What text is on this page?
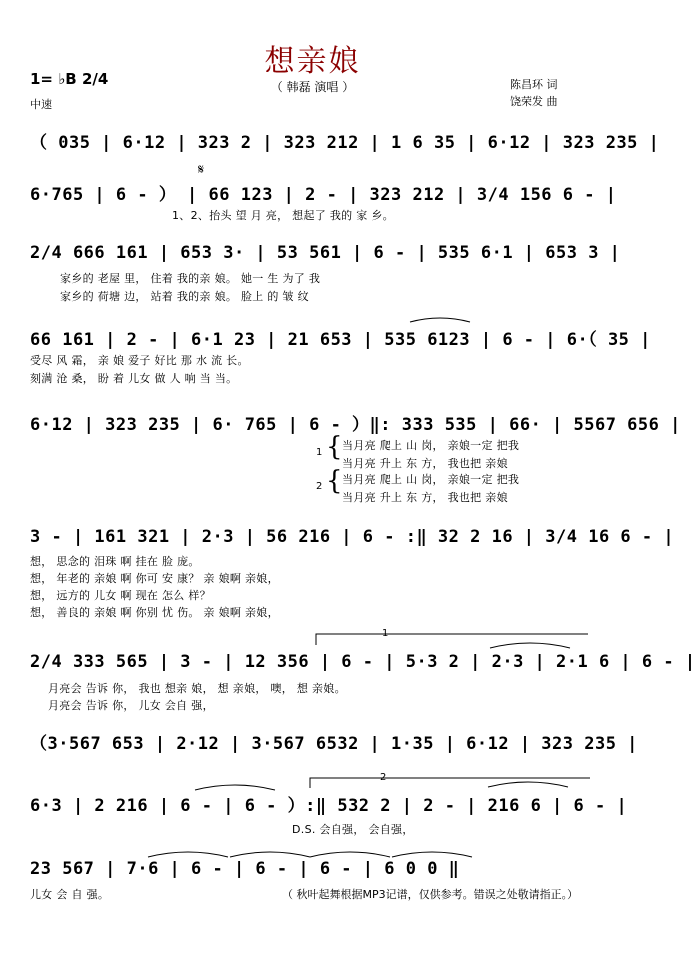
想亲娘
（ 韩磊 演唱 ）
1= ♭B 2/4
中速
陈昌环 词
饶荣发 曲
（ 035 | 6·12 | 323 2 | 323 212 | 1 6 35 | 6·12 | 323 235 |
6·765 | 6 - ） | 66 123 | 2 - | 323 212 | 3/4 156 6 - |
2/4 666 161 | 653 3· | 53 561 | 6 - | 535 6·1 | 653 3 |
66 161 | 2 - | 6·1 23 | 21 653 | 535 6123 | 6 - | 6·（ 35 |
6·12 | 323 235 | 6· 765 | 6 - ）‖: 333 535 | 66· | 5567 656 |
3 - | 161 321 | 2·3 | 56 216 | 6 - :‖ 32 2 16 | 3/4 16 6 - |
2/4 333 565 | 3 - | 12 356 | 6 - | 5·3 2 | 2·3 | 2·1 6 | 6 - |
（3·567 653 | 2·12 | 3·567 6532 | 1·35 | 6·12 | 323 235 |
6·3 | 2 216 | 6 - | 6 - ）:‖ 532 2 | 2 - | 216 6 | 6 - |
23 567 | 7·6 | 6 - | 6 - | 6 - | 6 0 0 ‖
𝄋
1、2、抬头 望 月 亮， 想起了 我的 家 乡。
家乡的 老屋 里， 住着 我的亲 娘。 她一 生 为了 我
家乡的 荷塘 边， 站着 我的亲 娘。 脸上 的 皱 纹
受尽 风 霜， 亲 娘 爱子 好比 那 水 流 长。
刻满 沧 桑， 盼 着 儿女 做 人 响 当 当。
1 { 当月亮 爬上 山 岗， 亲娘一定 把我
当月亮 升上 东 方， 我也把 亲娘
2 { 当月亮 爬上 山 岗， 亲娘一定 把我
当月亮 升上 东 方， 我也把 亲娘
想， 思念的 泪珠 啊 挂在 脸 庞。
想， 年老的 亲娘 啊 你可 安 康？ 亲 娘啊 亲娘，
想， 远方的 儿女 啊 现在 怎么 样？
想， 善良的 亲娘 啊 你别 忧 伤。 亲 娘啊 亲娘，
1
月亮会 告诉 你， 我也 想亲 娘， 想 亲娘， 噢， 想 亲娘。
月亮会 告诉 你， 儿女 会自 强，
2
D.S. 会自强， 会自强，
儿女 会 自 强。	（ 秋叶起舞根据MP3记谱，仅供参考。错误之处敬请指正。）
